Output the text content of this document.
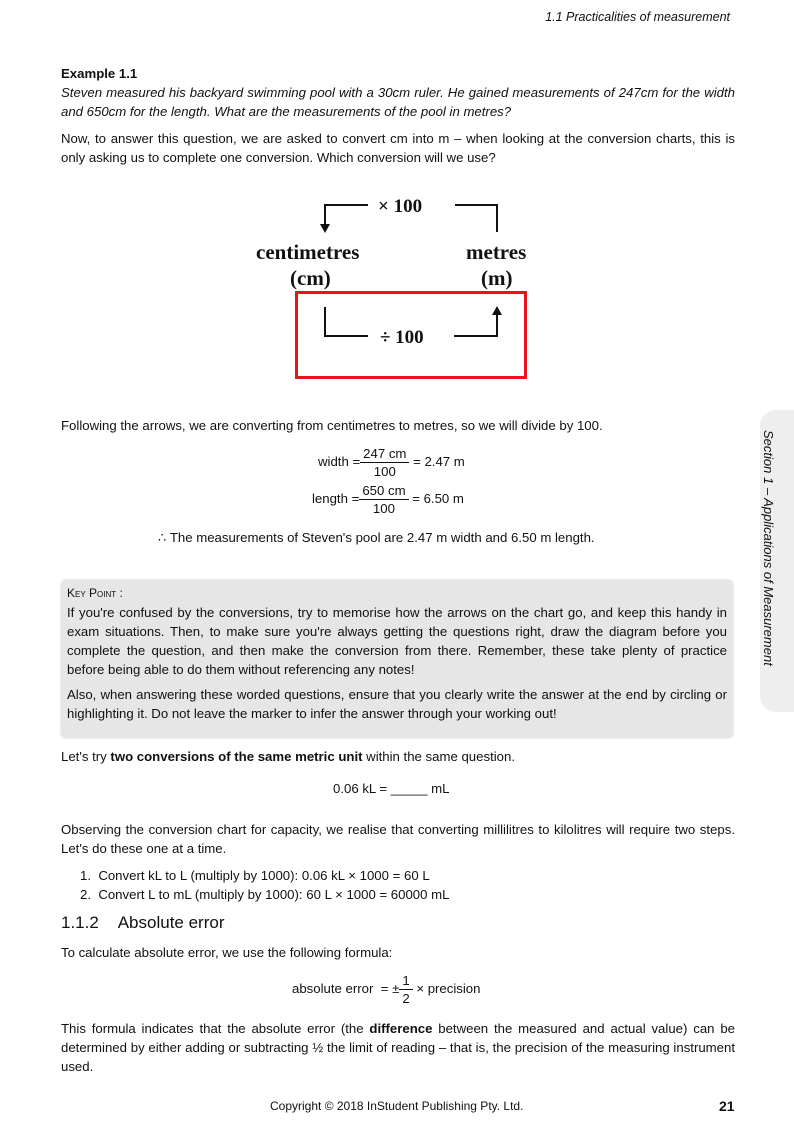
1.1 Practicalities of measurement
Example 1.1
Steven measured his backyard swimming pool with a 30cm ruler. He gained measurements of 247cm for the width and 650cm for the length. What are the measurements of the pool in metres?
Now, to answer this question, we are asked to convert cm into m – when looking at the conversion charts, this is only asking us to complete one conversion. Which conversion will we use?
× 100
centimetres
(cm)
metres
(m)
÷ 100
Following the arrows, we are converting from centimetres to metres, so we will divide by 100.
width = $\frac{247 cm}{100} = 2.47$ m
length = $\frac{650 cm}{100} = 6.50$ m
∴ The measurements of Steven's pool are 2.47 m width and 6.50 m length.

Key Point :

If you're confused by the conversions, try to memorise how the arrows on the chart go, and keep this handy in exam situations. Then, to make sure you're always getting the questions right, draw the diagram before you complete the question, and then make the conversion from there. Remember, these take plenty of practice before being able to do them without referencing any notes!

Also, when answering these worded questions, ensure that you clearly write the answer at the end by circling or highlighting it. Do not leave the marker to infer the answer through your working out!

Let's try two conversions of the same metric unit within the same question.
0.06 kL = _____ mL
Observing the conversion chart for capacity, we realise that converting millilitres to kilolitres will require two steps. Let's do these one at a time.
1.  Convert kL to L (multiply by 1000): 0.06 kL × 1000 = 60 L
2.  Convert L to mL (multiply by 1000): 60 L × 1000 = 60000 mL
1.1.2 Absolute error
To calculate absolute error, we use the following formula:
absolute error = ± $\frac{1}{2}$ × precision
This formula indicates that the absolute error (the difference between the measured and actual value) can be determined by either adding or subtracting ½ the limit of reading – that is, the precision of the measuring instrument used.
Copyright © 2018 InStudent Publishing Pty. Ltd.	21
Section 1 – Applications of Measurement
